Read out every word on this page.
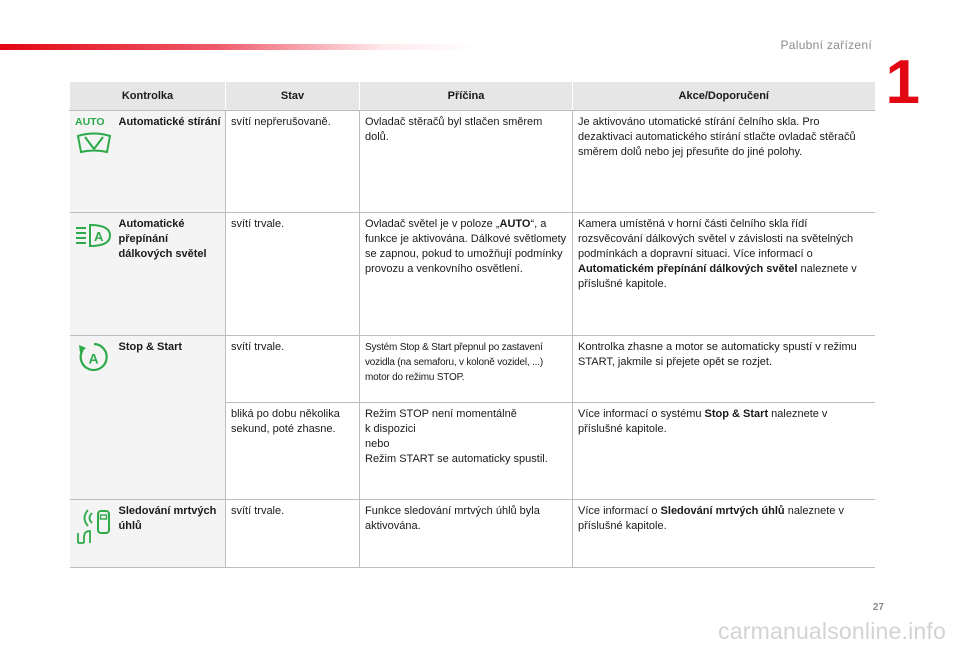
Palubní zařízení
1
Kontrolka		Stav	Příčina	Akce/Doporučení

AUTO	Automatické stírání	svítí nepřerušovaně.	Ovladač stěračů byl stlačen směrem dolů.	Je aktivováno utomatické stírání čelního skla. Pro dezaktivaci automatického stírání stlačte ovladač stěračů směrem dolů nebo jej přesuňte do jiné polohy.

A	Automatické přepínání dálkových světel	svítí trvale.	Ovladač světel je v poloze „AUTO“, a funkce je aktivována. Dálkové světlomety se zapnou, pokud to umožňují podmínky provozu a venkovního osvětlení.	Kamera umístěná v horní části čelního skla řídí rozsvěcování dálkových světel v závislosti na světelných podmínkách a dopravní situaci. Více informací o Automatickém přepínání dálkových světel naleznete v příslušné kapitole.

A	Stop & Start	svítí trvale.	Systém Stop & Start přepnul po zastavení vozidla (na semaforu, v koloně vozidel, ...) motor do režimu STOP.	Kontrolka zhasne a motor se automaticky spustí v režimu START, jakmile si přejete opět se rozjet.
		bliká po dobu několika sekund, poté zhasne.	Režim STOP není momentálně
k dispozici
nebo
Režim START se automaticky spustil.	Více informací o systému Stop & Start naleznete v příslušné kapitole.

	Sledování mrtvých úhlů	svítí trvale.	Funkce sledování mrtvých úhlů byla aktivována.	Více informací o Sledování mrtvých úhlů naleznete v příslušné kapitole.
27
carmanualsonline.info
